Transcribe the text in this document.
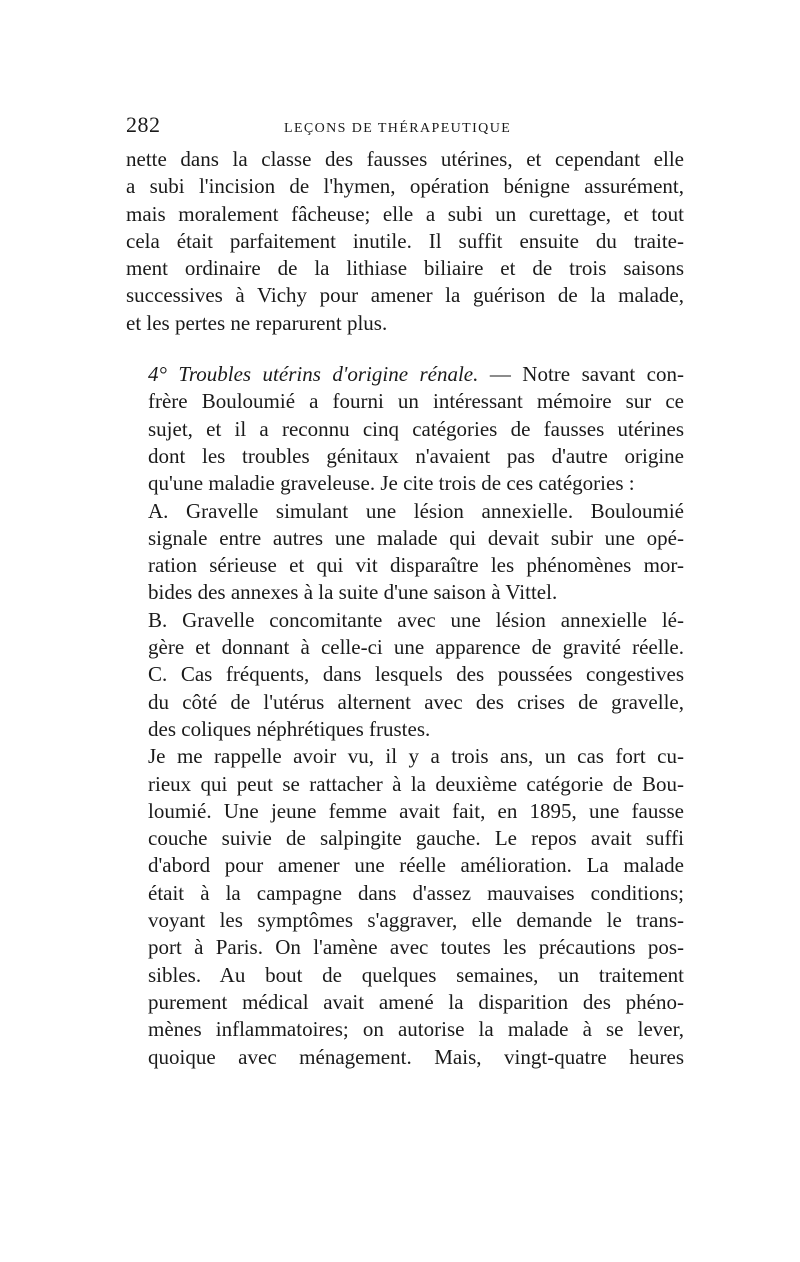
282	LEÇONS DE THÉRAPEUTIQUE

nette dans la classe des fausses utérines, et cependant elle
a subi l'incision de l'hymen, opération bénigne assurément,
mais moralement fâcheuse; elle a subi un curettage, et tout
cela était parfaitement inutile. Il suffit ensuite du traite-
ment ordinaire de la lithiase biliaire et de trois saisons
successives à Vichy pour amener la guérison de la malade,
et les pertes ne reparurent plus.

4° Troubles utérins d'origine rénale. — Notre savant con-
frère Bouloumié a fourni un intéressant mémoire sur ce
sujet, et il a reconnu cinq catégories de fausses utérines
dont les troubles génitaux n'avaient pas d'autre origine
qu'une maladie graveleuse. Je cite trois de ces catégories :

A. Gravelle simulant une lésion annexielle. Bouloumié
signale entre autres une malade qui devait subir une opé-
ration sérieuse et qui vit disparaître les phénomènes mor-
bides des annexes à la suite d'une saison à Vittel.

B. Gravelle concomitante avec une lésion annexielle lé-
gère et donnant à celle-ci une apparence de gravité réelle.

C. Cas fréquents, dans lesquels des poussées congestives
du côté de l'utérus alternent avec des crises de gravelle,
des coliques néphrétiques frustes.

Je me rappelle avoir vu, il y a trois ans, un cas fort cu-
rieux qui peut se rattacher à la deuxième catégorie de Bou-
loumié. Une jeune femme avait fait, en 1895, une fausse
couche suivie de salpingite gauche. Le repos avait suffi
d'abord pour amener une réelle amélioration. La malade
était à la campagne dans d'assez mauvaises conditions;
voyant les symptômes s'aggraver, elle demande le trans-
port à Paris. On l'amène avec toutes les précautions pos-
sibles. Au bout de quelques semaines, un traitement
purement médical avait amené la disparition des phéno-
mènes inflammatoires; on autorise la malade à se lever,
quoique avec ménagement. Mais, vingt-quatre heures
